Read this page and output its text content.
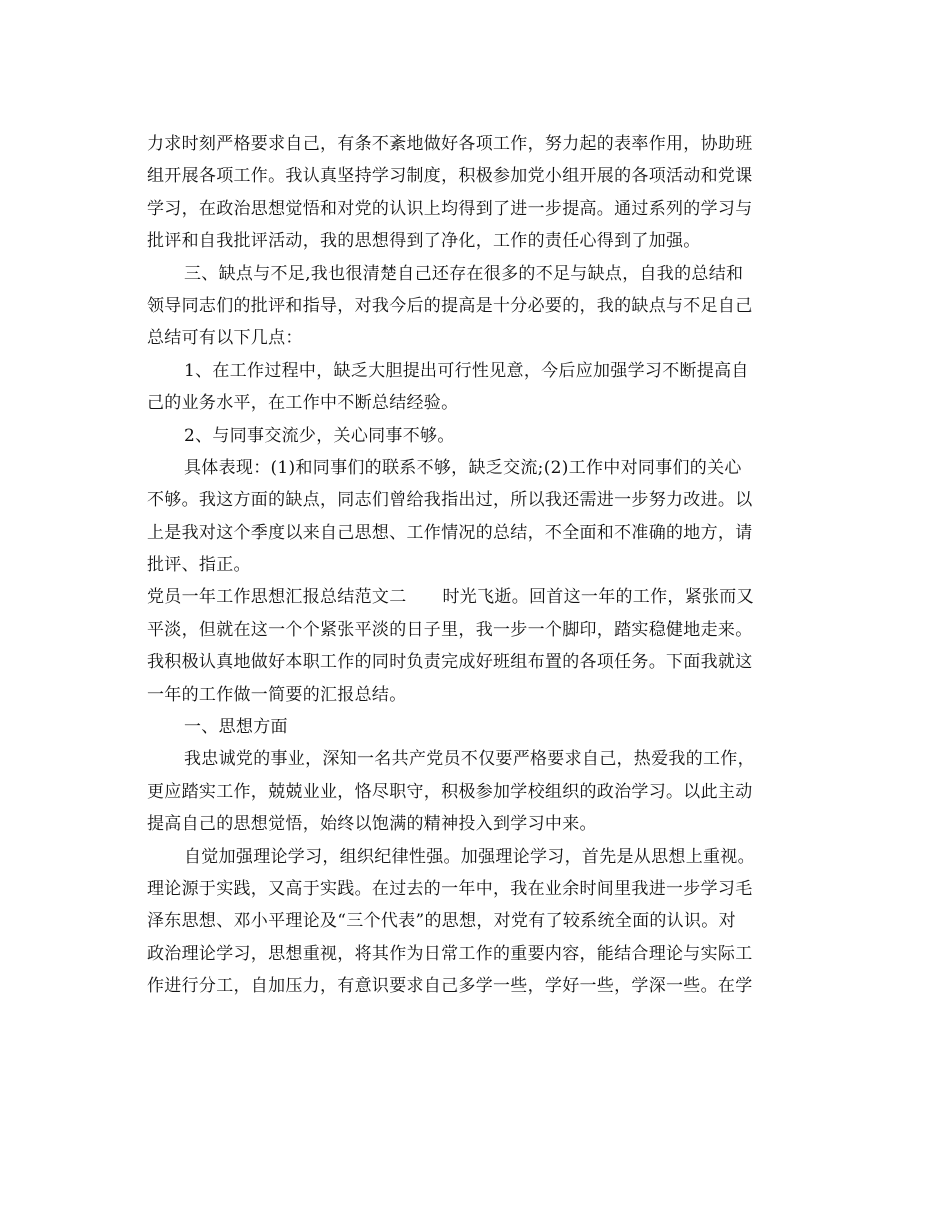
力求时刻严格要求自己，有条不紊地做好各项工作，努力起的表率作用，协助班
组开展各项工作。我认真坚持学习制度，积极参加党小组开展的各项活动和党课
学习，在政治思想觉悟和对党的认识上均得到了进一步提高。通过系列的学习与
批评和自我批评活动，我的思想得到了净化，工作的责任心得到了加强。
三、缺点与不足,我也很清楚自己还存在很多的不足与缺点，自我的总结和
领导同志们的批评和指导，对我今后的提高是十分必要的，我的缺点与不足自己
总结可有以下几点：
1、在工作过程中，缺乏大胆提出可行性见意，今后应加强学习不断提高自
己的业务水平，在工作中不断总结经验。
2、与同事交流少，关心同事不够。
具体表现：(1)和同事们的联系不够，缺乏交流;(2)工作中对同事们的关心
不够。我这方面的缺点，同志们曾给我指出过，所以我还需进一步努力改进。以
上是我对这个季度以来自己思想、工作情况的总结，不全面和不准确的地方，请
批评、指正。
党员一年工作思想汇报总结范文二 时光飞逝。回首这一年的工作，紧张而又
平淡，但就在这一个个紧张平淡的日子里，我一步一个脚印，踏实稳健地走来。
我积极认真地做好本职工作的同时负责完成好班组布置的各项任务。下面我就这
一年的工作做一简要的汇报总结。
一、思想方面
我忠诚党的事业，深知一名共产党员不仅要严格要求自己，热爱我的工作，
更应踏实工作，兢兢业业，恪尽职守，积极参加学校组织的政治学习。以此主动
提高自己的思想觉悟，始终以饱满的精神投入到学习中来。
自觉加强理论学习，组织纪律性强。加强理论学习，首先是从思想上重视。
理论源于实践，又高于实践。在过去的一年中，我在业余时间里我进一步学习毛
泽东思想、邓小平理论及“三个代表”的思想，对党有了较系统全面的认识。对
政治理论学习，思想重视，将其作为日常工作的重要内容，能结合理论与实际工
作进行分工，自加压力，有意识要求自己多学一些，学好一些，学深一些。在学
